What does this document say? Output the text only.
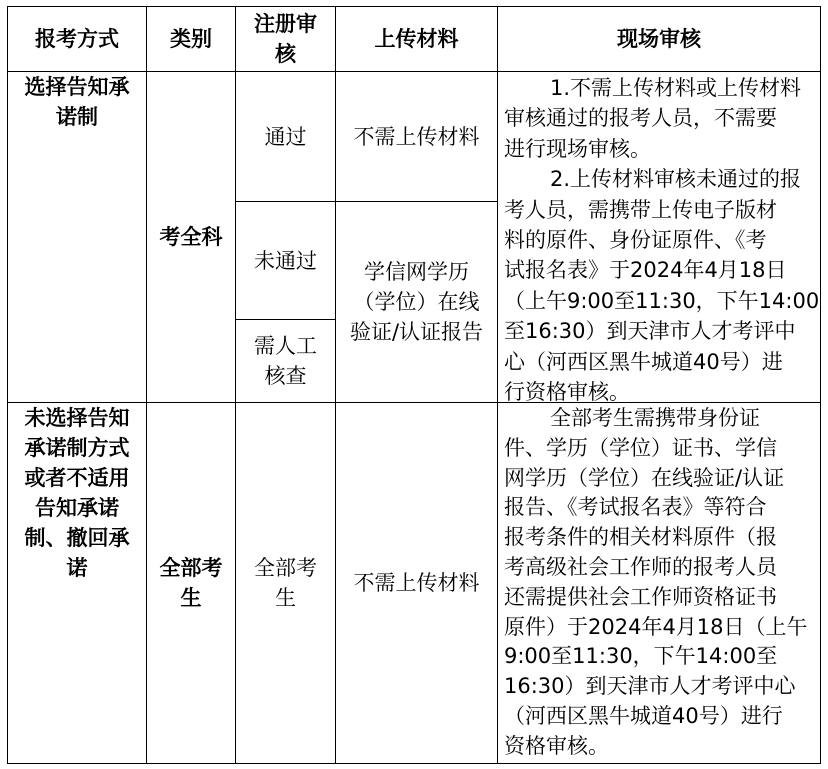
报考方式 类别
注册审
核
上传材料	现场审核
选择告知承
诺制
考全科
通过 不需上传材料
未通过
需人工
核查
学信网学历
（学位）在线
验证/认证报告
1.不需上传材料或上传材料
审核通过的报考人员，不需要
进行现场审核。
2.上传材料审核未通过的报
考人员，需携带上传电子版材
料的原件、身份证原件、《考
试报名表》于2024年4月18日
（上午9:00至11:30，下午14:00
至16:30）到天津市人才考评中
心（河西区黑牛城道40号）进
行资格审核。
未选择告知
承诺制方式
或者不适用
告知承诺
制、撤回承
诺	全部考
生
全部考
生
不需上传材料
全部考生需携带身份证
件、学历（学位）证书、学信
网学历（学位）在线验证/认证
报告、《考试报名表》等符合
报考条件的相关材料原件（报
考高级社会工作师的报考人员
还需提供社会工作师资格证书
原件）于2024年4月18日（上午
9:00至11:30，下午14:00至
16:30）到天津市人才考评中心
（河西区黑牛城道40号）进行
资格审核。
